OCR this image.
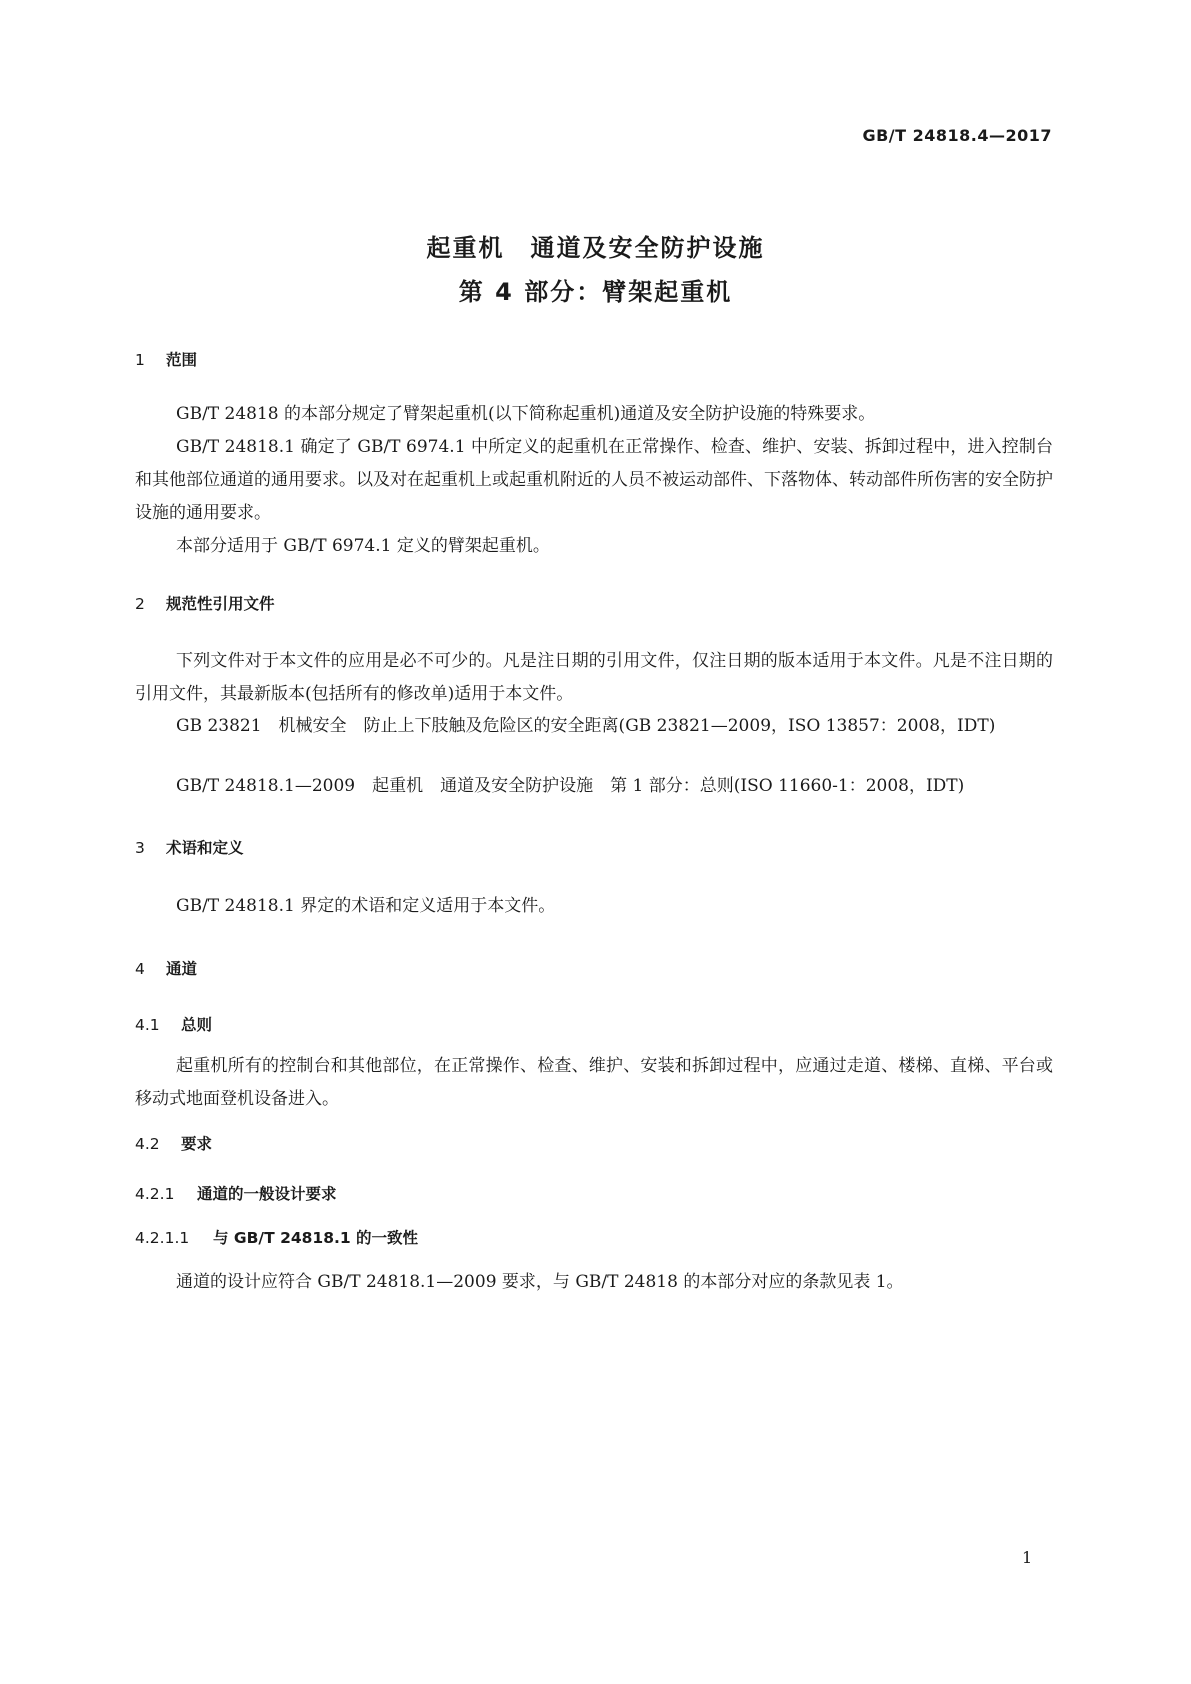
GB/T 24818.4—2017
起重机　通道及安全防护设施
第 4 部分：臂架起重机
1 范围

GB/T 24818 的本部分规定了臂架起重机(以下简称起重机)通道及安全防护设施的特殊要求。

GB/T 24818.1 确定了 GB/T 6974.1 中所定义的起重机在正常操作、检查、维护、安装、拆卸过程中，进入控制台和其他部位通道的通用要求。以及对在起重机上或起重机附近的人员不被运动部件、下落物体、转动部件所伤害的安全防护设施的通用要求。

本部分适用于 GB/T 6974.1 定义的臂架起重机。

2 规范性引用文件

下列文件对于本文件的应用是必不可少的。凡是注日期的引用文件，仅注日期的版本适用于本文件。凡是不注日期的引用文件，其最新版本(包括所有的修改单)适用于本文件。

GB 23821　机械安全　防止上下肢触及危险区的安全距离(GB 23821—2009，ISO 13857：2008，IDT)

GB/T 24818.1—2009　起重机　通道及安全防护设施　第 1 部分：总则(ISO 11660-1：2008，IDT)

3 术语和定义

GB/T 24818.1 界定的术语和定义适用于本文件。

4 通道
4.1 总则

起重机所有的控制台和其他部位，在正常操作、检查、维护、安装和拆卸过程中，应通过走道、楼梯、直梯、平台或移动式地面登机设备进入。

4.2 要求
4.2.1 通道的一般设计要求
4.2.1.1 与 GB/T 24818.1 的一致性

通道的设计应符合 GB/T 24818.1—2009 要求，与 GB/T 24818 的本部分对应的条款见表 1。

1
